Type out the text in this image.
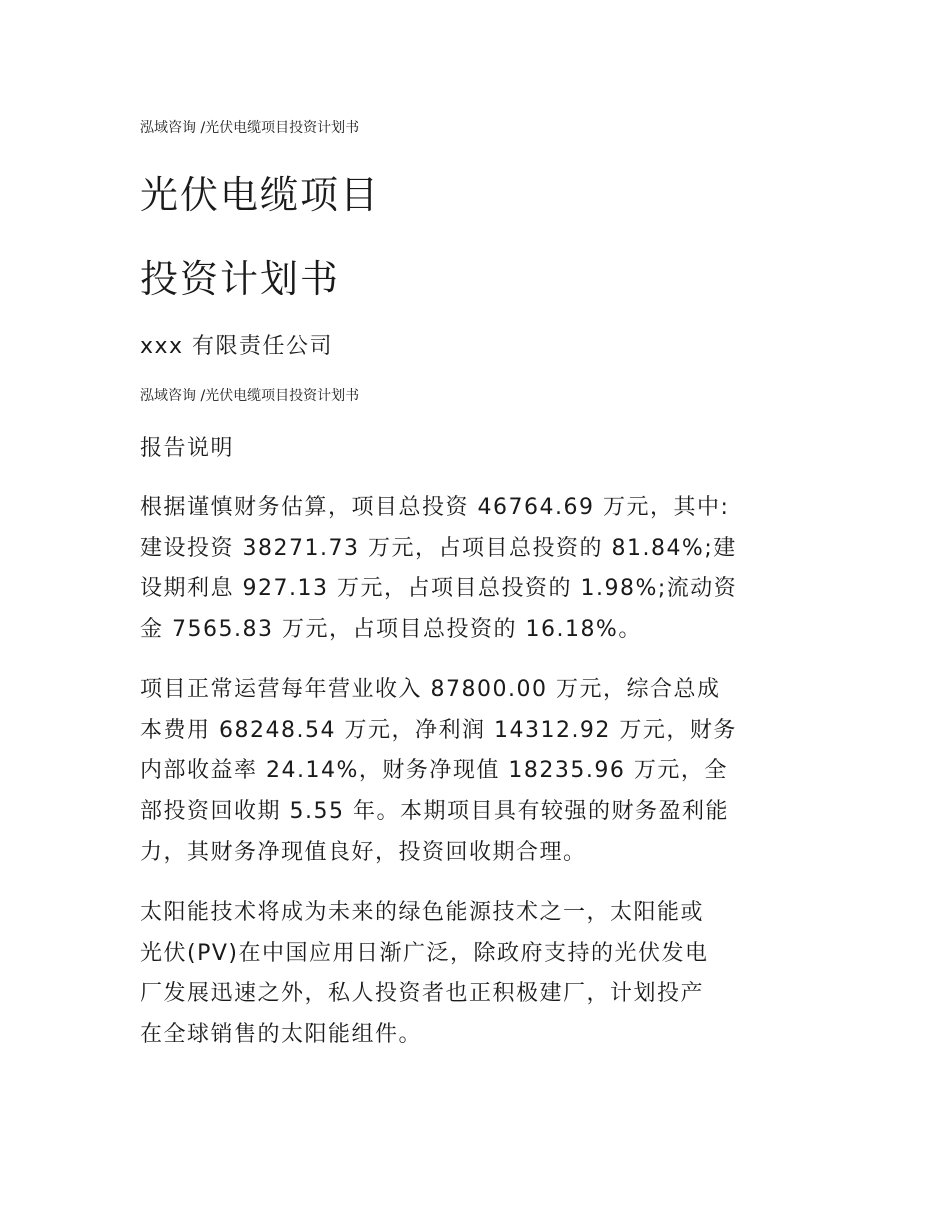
泓域咨询 /光伏电缆项目投资计划书
光伏电缆项目
投资计划书
xxx 有限责任公司
泓域咨询 /光伏电缆项目投资计划书
报告说明

根据谨慎财务估算，项目总投资 46764.69 万元，其中:
建设投资 38271.73 万元，占项目总投资的 81.84%;建
设期利息 927.13 万元，占项目总投资的 1.98%;流动资
金 7565.83 万元，占项目总投资的 16.18%。

项目正常运营每年营业收入 87800.00 万元，综合总成
本费用 68248.54 万元，净利润 14312.92 万元，财务
内部收益率 24.14%，财务净现值 18235.96 万元，全
部投资回收期 5.55 年。本期项目具有较强的财务盈利能
力，其财务净现值良好，投资回收期合理。

太阳能技术将成为未来的绿色能源技术之一，太阳能或
光伏(PV)在中国应用日渐广泛，除政府支持的光伏发电
厂发展迅速之外，私人投资者也正积极建厂，计划投产
在全球销售的太阳能组件。
